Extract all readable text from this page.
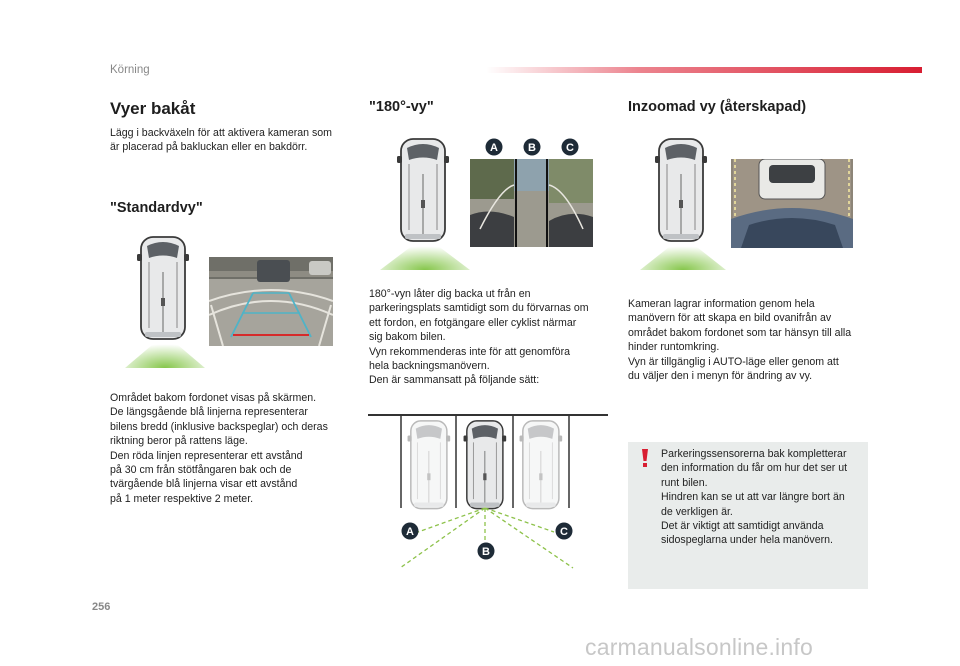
Körning
Vyer bakåt
Lägg i backväxeln för att aktivera kameran som
är placerad på bakluckan eller en bakdörr.
"Standardvy"
Området bakom fordonet visas på skärmen.
De längsgående blå linjerna representerar
bilens bredd (inklusive backspeglar) och deras
riktning beror på rattens läge.
Den röda linjen representerar ett avstånd
på 30 cm från stötfångaren bak och de
tvärgående blå linjerna visar ett avstånd
på 1 meter respektive 2 meter.
"180°-vy"
A	B	C
180°-vyn låter dig backa ut från en
parkeringsplats samtidigt som du förvarnas om
ett fordon, en fotgängare eller cyklist närmar
sig bakom bilen.
Vyn rekommenderas inte för att genomföra
hela backningsmanövern.
Den är sammansatt på följande sätt:
A
B
C
Inzoomad vy (återskapad)
Kameran lagrar information genom hela
manövern för att skapa en bild ovanifrån av
området bakom fordonet som tar hänsyn till alla
hinder runtomkring.
Vyn är tillgänglig i AUTO-läge eller genom att
du väljer den i menyn för ändring av vy.
Parkeringssensorerna bak kompletterar
den information du får om hur det ser ut
runt bilen.
Hindren kan se ut att var längre bort än
de verkligen är.
Det är viktigt att samtidigt använda
sidospeglarna under hela manövern.
256
carmanualsonline.info
